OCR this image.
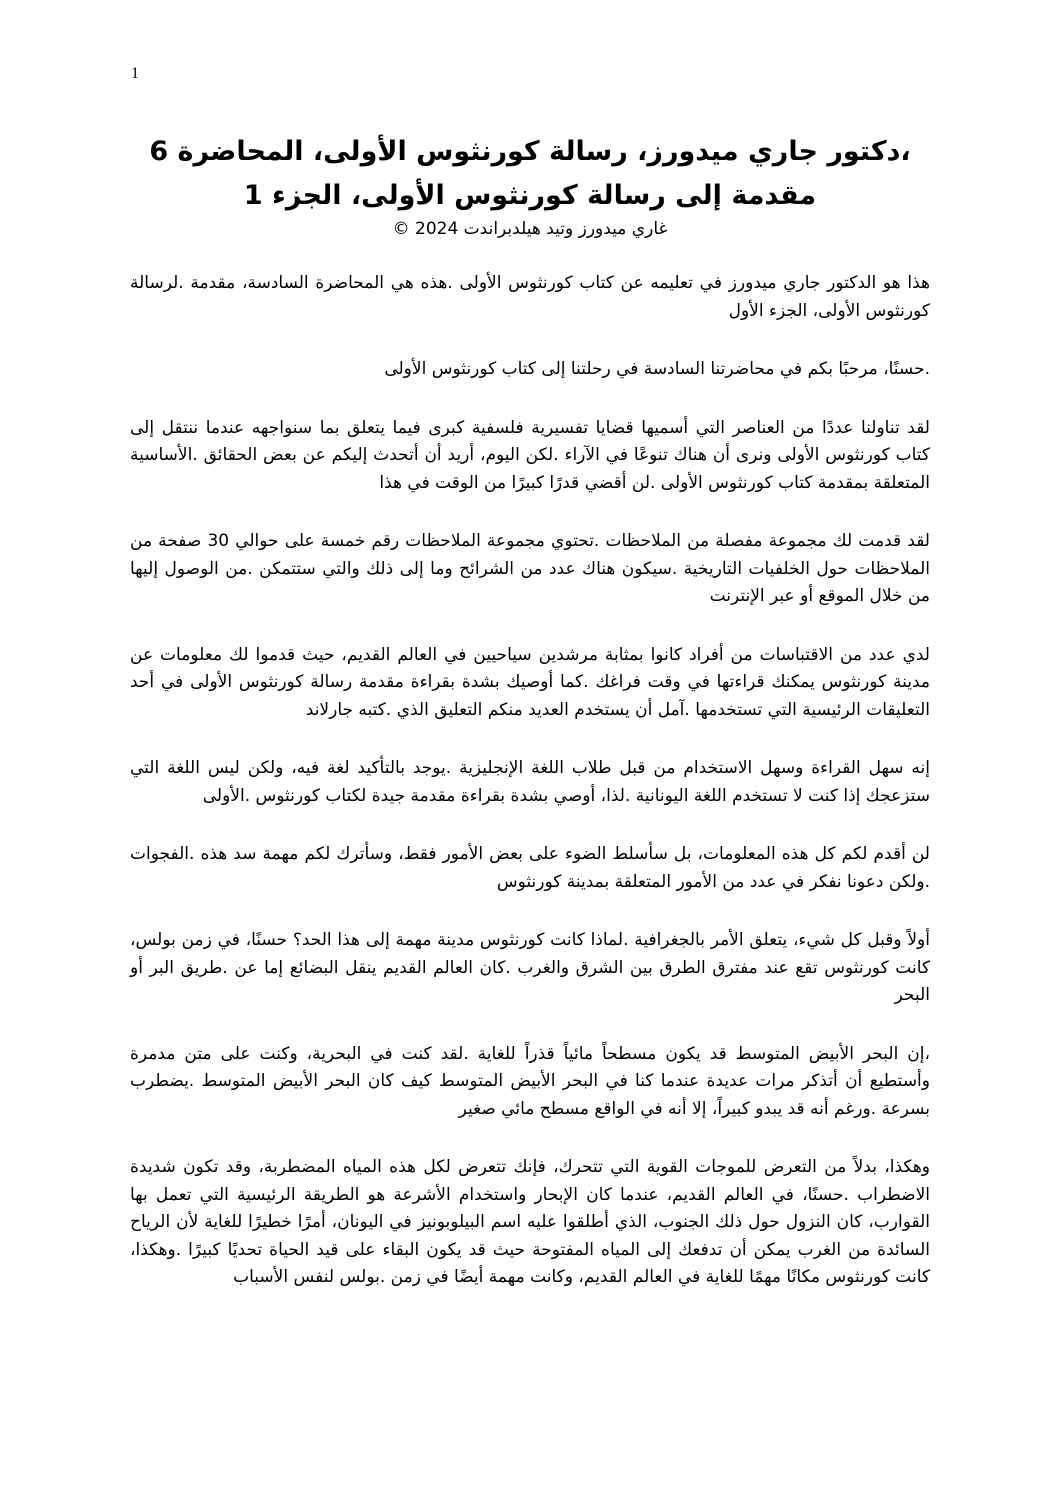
1
،دكتور جاري ميدورز، رسالة كورنثوس الأولى، المحاضرة 6
مقدمة إلى رسالة كورنثوس الأولى، الجزء 1
غاري ميدورز وتيد هيلدبراندت 2024 ©

هذا هو الدكتور جاري ميدورز في تعليمه عن كتاب كورنثوس الأولى .هذه هي المحاضرة السادسة، مقدمة .لرسالة كورنثوس الأولى، الجزء الأول

.حسنًا، مرحبًا بكم في محاضرتنا السادسة في رحلتنا إلى كتاب كورنثوس الأولى

لقد تناولنا عددًا من العناصر التي أسميها قضايا تفسيرية فلسفية كبرى فيما يتعلق بما سنواجهه عندما ننتقل إلى كتاب كورنثوس الأولى ونرى أن هناك تنوعًا في الآراء .لكن اليوم، أريد أن أتحدث إليكم عن بعض الحقائق .الأساسية المتعلقة بمقدمة كتاب كورنثوس الأولى .لن أقضي قدرًا كبيرًا من الوقت في هذا

لقد قدمت لك مجموعة مفصلة من الملاحظات .تحتوي مجموعة الملاحظات رقم خمسة على حوالي 30 صفحة من الملاحظات حول الخلفيات التاريخية .سيكون هناك عدد من الشرائح وما إلى ذلك والتي ستتمكن .من الوصول إليها من خلال الموقع أو عبر الإنترنت

لدي عدد من الاقتباسات من أفراد كانوا بمثابة مرشدين سياحيين في العالم القديم، حيث قدموا لك معلومات عن مدينة كورنثوس يمكنك قراءتها في وقت فراغك .كما أوصيك بشدة بقراءة مقدمة رسالة كورنثوس الأولى في أحد التعليقات الرئيسية التي تستخدمها .آمل أن يستخدم العديد منكم التعليق الذي .كتبه جارلاند

إنه سهل القراءة وسهل الاستخدام من قبل طلاب اللغة الإنجليزية .يوجد بالتأكيد لغة فيه، ولكن ليس اللغة التي ستزعجك إذا كنت لا تستخدم اللغة اليونانية .لذا، أوصي بشدة بقراءة مقدمة جيدة لكتاب كورنثوس .الأولى

لن أقدم لكم كل هذه المعلومات، بل سأسلط الضوء على بعض الأمور فقط، وسأترك لكم مهمة سد هذه .الفجوات .ولكن دعونا نفكر في عدد من الأمور المتعلقة بمدينة كورنثوس

أولاً وقبل كل شيء، يتعلق الأمر بالجغرافية .لماذا كانت كورنثوس مدينة مهمة إلى هذا الحد؟ حسنًا، في زمن بولس، كانت كورنثوس تقع عند مفترق الطرق بين الشرق والغرب .كان العالم القديم ينقل البضائع إما عن .طريق البر أو البحر

،إن البحر الأبيض المتوسط قد يكون مسطحاً مائياً قذراً للغاية .لقد كنت في البحرية، وكنت على متن مدمرة وأستطيع أن أتذكر مرات عديدة عندما كنا في البحر الأبيض المتوسط كيف كان البحر الأبيض المتوسط .يضطرب بسرعة .ورغم أنه قد يبدو كبيراً، إلا أنه في الواقع مسطح مائي صغير

وهكذا، بدلاً من التعرض للموجات القوية التي تتحرك، فإنك تتعرض لكل هذه المياه المضطربة، وقد تكون شديدة الاضطراب .حسنًا، في العالم القديم، عندما كان الإبحار واستخدام الأشرعة هو الطريقة الرئيسية التي تعمل بها القوارب، كان النزول حول ذلك الجنوب، الذي أطلقوا عليه اسم البيلوبونيز في اليونان، أمرًا خطيرًا للغاية لأن الرياح السائدة من الغرب يمكن أن تدفعك إلى المياه المفتوحة حيث قد يكون البقاء على قيد الحياة تحديًا كبيرًا .وهكذا، كانت كورنثوس مكانًا مهمًا للغاية في العالم القديم، وكانت مهمة أيضًا في زمن .بولس لنفس الأسباب
